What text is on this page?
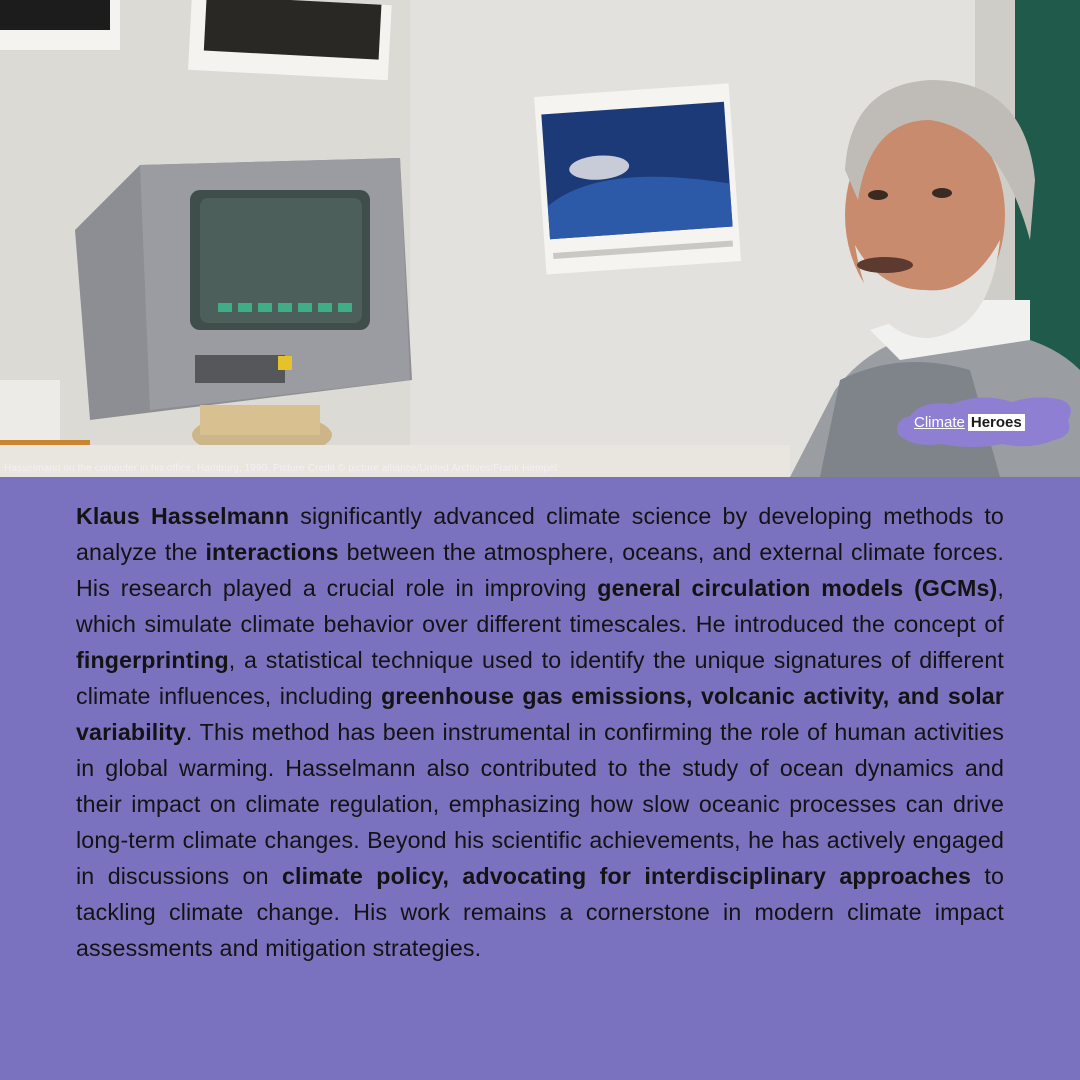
Hasselmann on the computer in his office, Hamburg, 1990. Picture Credit © picture alliance/United Archives/Frank Hempel
Climate Heroes
Klaus Hasselmann significantly advanced climate science by developing methods to analyze the interactions between the atmosphere, oceans, and external climate forces. His research played a crucial role in improving general circulation models (GCMs), which simulate climate behavior over different timescales. He introduced the concept of fingerprinting, a statistical technique used to identify the unique signatures of different climate influences, including greenhouse gas emissions, volcanic activity, and solar variability. This method has been instrumental in confirming the role of human activities in global warming. Hasselmann also contributed to the study of ocean dynamics and their impact on climate regulation, emphasizing how slow oceanic processes can drive long-term climate changes. Beyond his scientific achievements, he has actively engaged in discussions on climate policy, advocating for interdisciplinary approaches to tackling climate change. His work remains a cornerstone in modern climate impact assessments and mitigation strategies.
